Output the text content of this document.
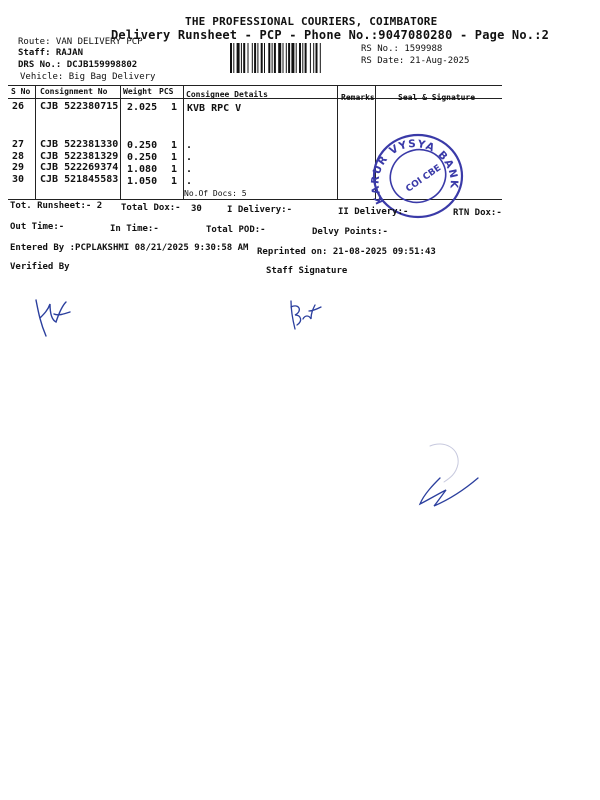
THE PROFESSIONAL COURIERS, COIMBATORE
Delivery Runsheet - PCP - Phone No.:9047080280 - Page No.:2
Route: VAN DELIVERY PCP
Staff: RAJAN
DRS No.: DCJB159998802
Vehicle: Big Bag Delivery
RS No.: 1599988
RS Date: 21-Aug-2025
S No Consignment No Weight PCS Consignee Details	Remarks	Seal & Signature
26 CJB 522380715 2.025 1 KVB RPC V
27 CJB 522381330 0.250 1 .
28 CJB 522381329 0.250 1 .
29 CJB 522269374 1.080 1 .
30 CJB 521845583 1.050 1 .
No.Of Docs: 5	KARUR VYSYA BANK
COI CBE
Tot. Runsheet:- 2 Total Dox:- 30	I Delivery:-	II Delivery:-	RTN Dox:-
Out Time:-	In Time:-	Total POD:-	Delvy Points:-
Entered By :PCPLAKSHMI 08/21/2025 9:30:58 AM Reprinted on: 21-08-2025 09:51:43
Verified By	Staff Signature
